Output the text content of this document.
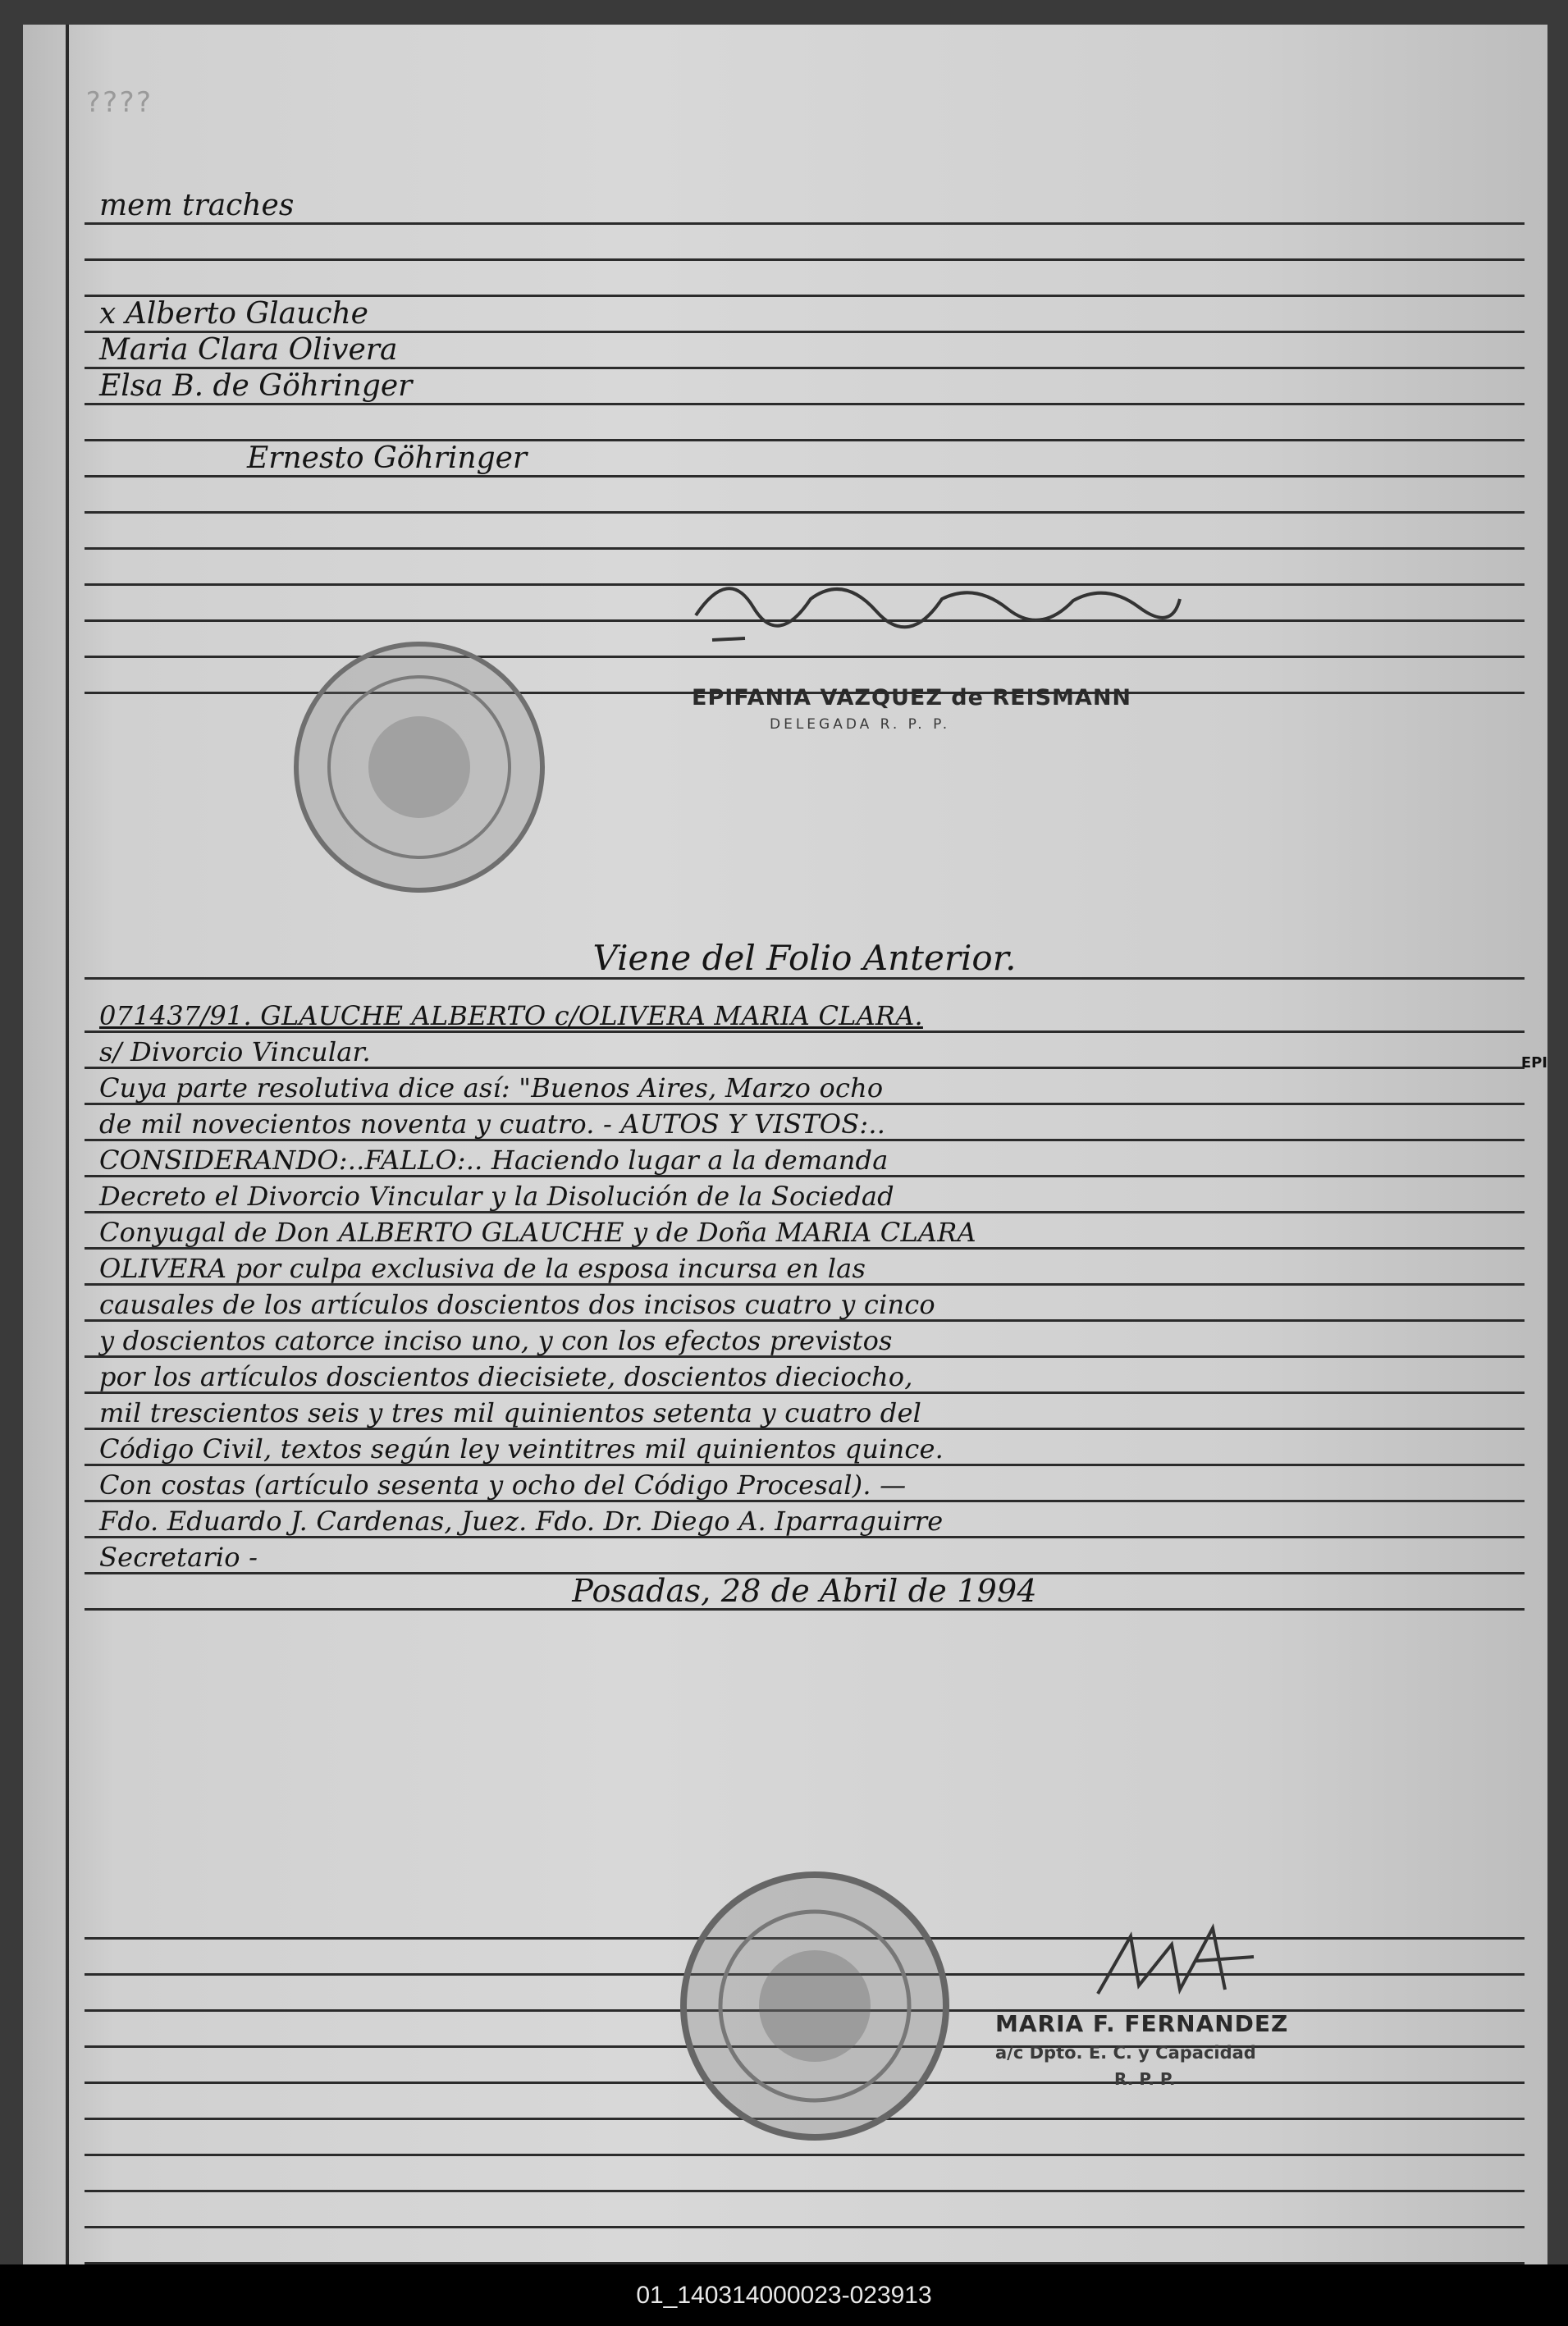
????
mem traches
x Alberto Glauche
Maria Clara Olivera
Elsa B. de Göhringer
Ernesto Göhringer
Viene del Folio Anterior.
071437/91. GLAUCHE ALBERTO c/OLIVERA MARIA CLARA.
s/ Divorcio Vincular.
Cuya parte resolutiva dice así: "Buenos Aires, Marzo ocho
de mil novecientos noventa y cuatro. - AUTOS Y VISTOS:..
CONSIDERANDO:..FALLO:.. Haciendo lugar a la demanda
Decreto el Divorcio Vincular y la Disolución de la Sociedad
Conyugal de Don ALBERTO GLAUCHE y de Doña MARIA CLARA
OLIVERA por culpa exclusiva de la esposa incursa en las
causales de los artículos doscientos dos incisos cuatro y cinco
y doscientos catorce inciso uno, y con los efectos previstos
por los artículos doscientos diecisiete, doscientos dieciocho,
mil trescientos seis y tres mil quinientos setenta y cuatro del
Código Civil, textos según ley veintitres mil quinientos quince.
Con costas (artículo sesenta y ocho del Código Procesal). —
Fdo. Eduardo J. Cardenas, Juez. Fdo. Dr. Diego A. Iparraguirre
Secretario -
Posadas, 28 de Abril de 1994
EPIFANIA VAZQUEZ de REISMANN
DELEGADA R. P. P.
MARIA F. FERNANDEZ
a/c Dpto. E. C. y Capacidad
R. P. P.
EPI
01_140314000023-023913
